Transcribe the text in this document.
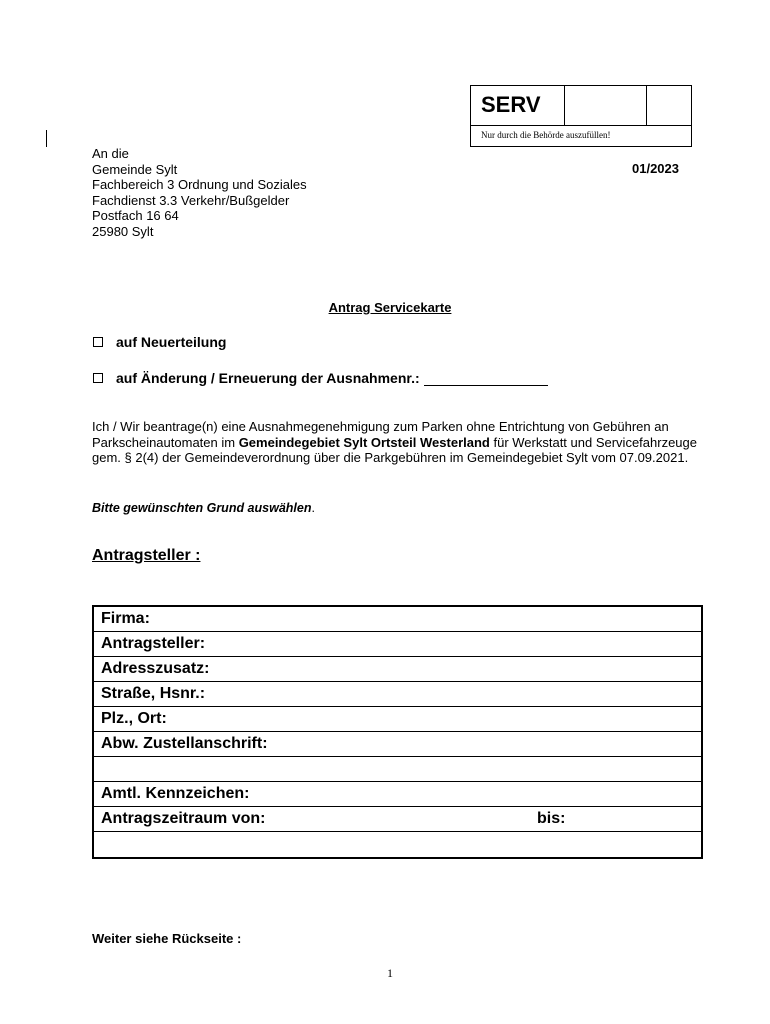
SERV
Nur durch die Behörde auszufüllen!
An die
Gemeinde Sylt
Fachbereich 3 Ordnung und Soziales
Fachdienst 3.3 Verkehr/Bußgelder
Postfach 16 64
25980 Sylt
01/2023
Antrag Servicekarte
auf Neuerteilung
auf Änderung / Erneuerung der Ausnahmenr.:
Ich / Wir beantrage(n) eine Ausnahmegenehmigung zum Parken ohne Entrichtung von Gebühren an Parkscheinautomaten im Gemeindegebiet Sylt Ortsteil Westerland für Werkstatt und Servicefahrzeuge gem. § 2(4) der Gemeindeverordnung über die Parkgebühren im Gemeindegebiet Sylt vom 07.09.2021.
Bitte gewünschten Grund auswählen.
Antragsteller :
Firma:
Antragsteller:
Adresszusatz:
Straße, Hsnr.:
Plz., Ort:
Abw. Zustellanschrift:
Amtl. Kennzeichen:
Antragszeitraum von:	bis:
Weiter siehe Rückseite :
1
